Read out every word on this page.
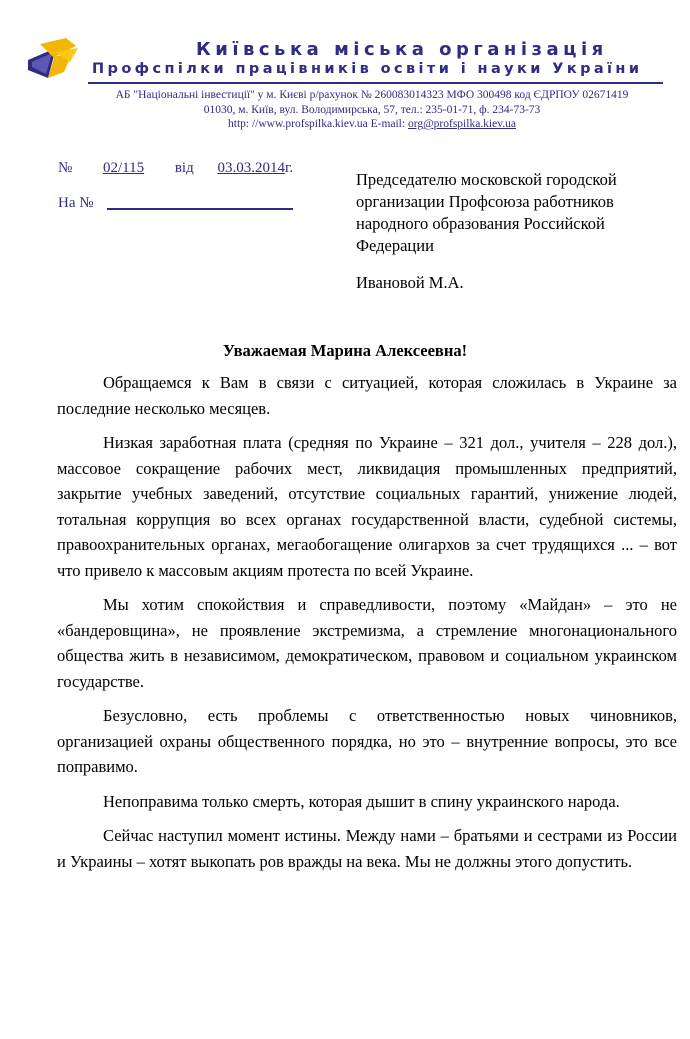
Київська міська організація
Профспілки працівників освіти і науки України
АБ "Національні інвестиції" у м. Києві р/рахунок № 260083014323 МФО 300498 код ЄДРПОУ 02671419
01030, м. Київ, вул. Володимирська, 57, тел.: 235-01-71, ф. 234-73-73
http: //www.profspilka.kiev.ua E-mail: org@profspilka.kiev.ua
№ 02/115 від 03.03.2014г.
На №
Председателю московской городской организации Профсоюза работников народного образования Российской Федерации
Ивановой М.А.
Уважаемая Марина Алексеевна!

Обращаемся к Вам в связи с ситуацией, которая сложилась в Украине за последние несколько месяцев.

Низкая заработная плата (средняя по Украине – 321 дол., учителя – 228 дол.), массовое сокращение рабочих мест, ликвидация промышленных предприятий, закрытие учебных заведений, отсутствие социальных гарантий, унижение людей, тотальная коррупция во всех органах государственной власти, судебной системы, правоохранительных органах, мегаобогащение олигархов за счет трудящихся ... – вот что привело к массовым акциям протеста по всей Украине.

Мы хотим спокойствия и справедливости, поэтому «Майдан» – это не «бандеровщина», не проявление экстремизма, а стремление многонационального общества жить в независимом, демократическом, правовом и социальном украинском государстве.

Безусловно, есть проблемы с ответственностью новых чиновников, организацией охраны общественного порядка, но это – внутренние вопросы, это все поправимо.

Непоправима только смерть, которая дышит в спину украинского народа.

Сейчас наступил момент истины. Между нами – братьями и сестрами из России и Украины – хотят выкопать ров вражды на века. Мы не должны этого допустить.
